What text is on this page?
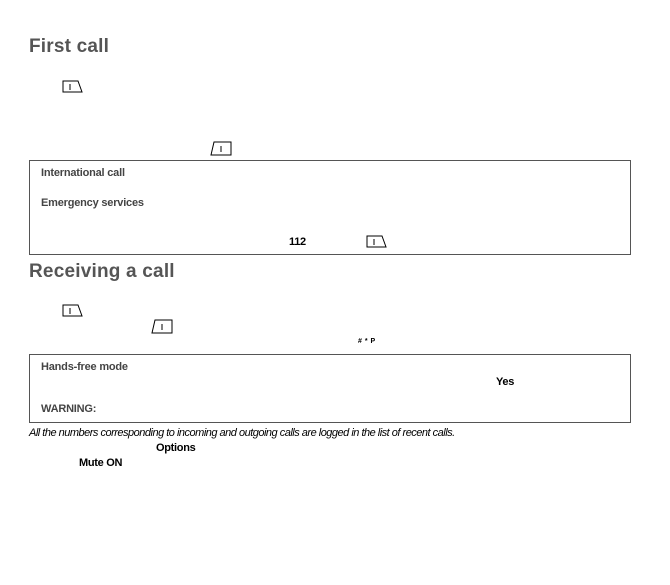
First call
International call
Emergency services
112
Receiving a call
# * P
Hands-free mode
Yes
WARNING:
All the numbers corresponding to incoming and outgoing calls are logged in the list of recent calls.
Options
Mute ON
